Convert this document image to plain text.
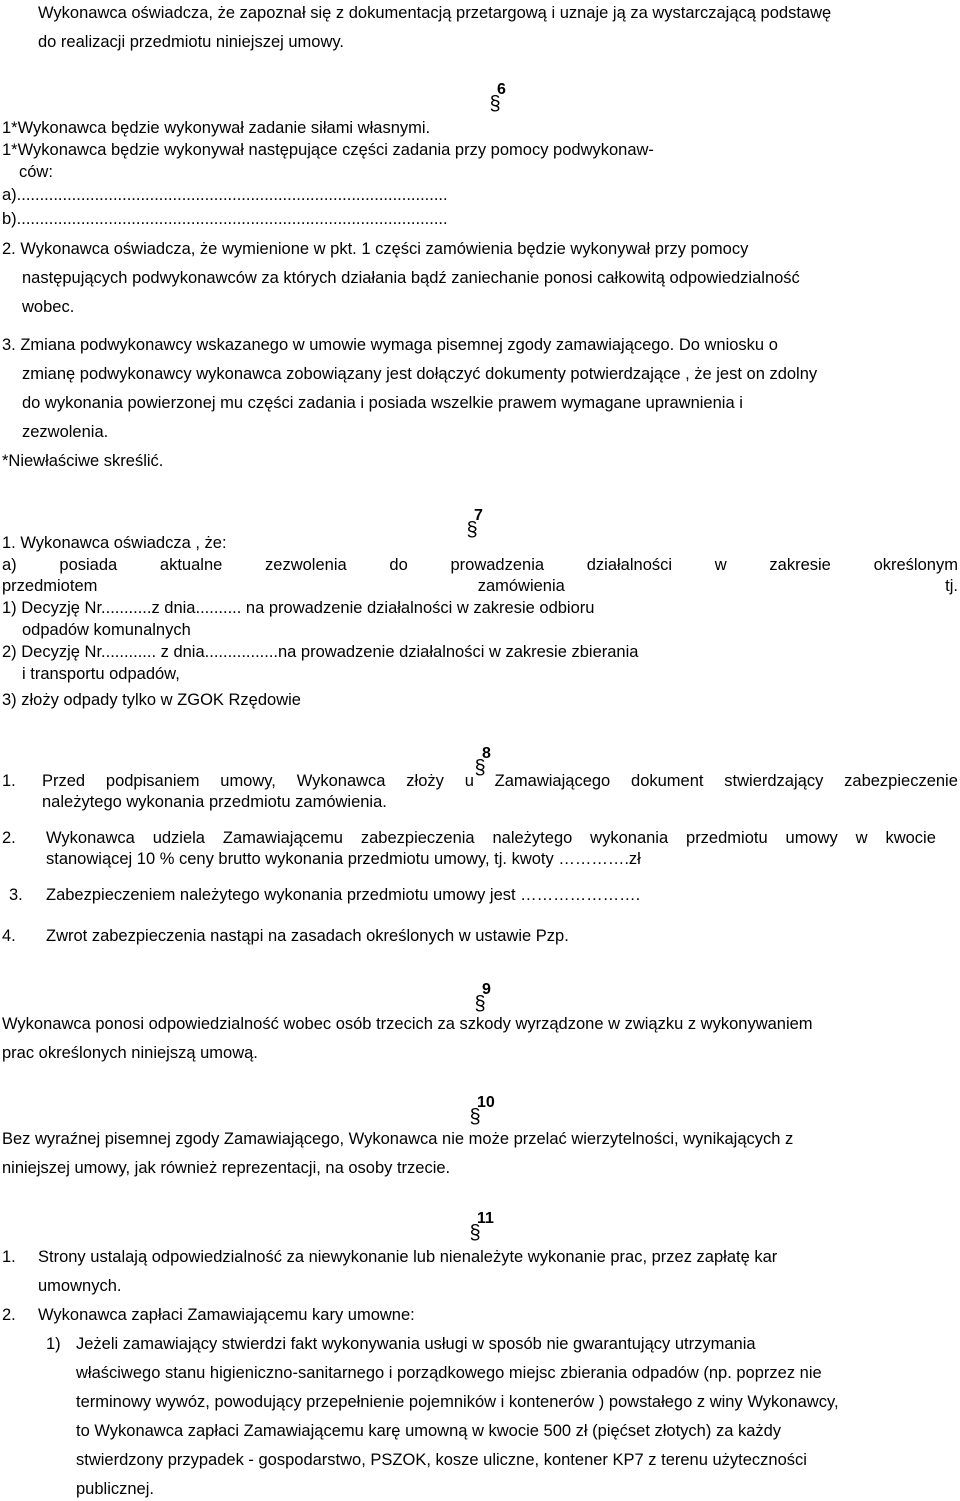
Wykonawca oświadcza, że zapoznał się z dokumentacją przetargową i uznaje ją za wystarczającą podstawę
do realizacji przedmiotu niniejszej umowy.
§
6
1*Wykonawca będzie wykonywał zadanie siłami własnymi.
1*Wykonawca będzie wykonywał następujące części zadania przy pomocy podwykonaw-
ców:
a)..............................................................................................
b)..............................................................................................
2. Wykonawca oświadcza, że wymienione w pkt. 1 części zamówienia będzie wykonywał przy pomocy
następujących podwykonawców za których działania bądź zaniechanie ponosi całkowitą odpowiedzialność
wobec.
3. Zmiana podwykonawcy wskazanego w umowie wymaga pisemnej zgody zamawiającego. Do wniosku o
zmianę podwykonawcy wykonawca zobowiązany jest dołączyć dokumenty potwierdzające , że jest on zdolny
do wykonania powierzonej mu części zadania i posiada wszelkie prawem wymagane uprawnienia i
zezwolenia.
*Niewłaściwe skreślić.
§
7
1. Wykonawca oświadcza , że:
a)	posiada	aktualne	zezwolenia	do	prowadzenia	działalności	w	zakresie	określonym
przedmiotem	zamówienia	tj.
1) Decyzję Nr...........z dnia.......... na prowadzenie działalności w zakresie odbioru
odpadów komunalnych
2) Decyzję Nr............ z dnia................na prowadzenie działalności w zakresie zbierania
i transportu odpadów,
3) złoży odpady tylko w ZGOK Rzędowie
§
8
1. Przed podpisaniem umowy, Wykonawca złoży u Zamawiającego dokument stwierdzający zabezpieczenie
należytego wykonania przedmiotu zamówienia.
2. Wykonawca udziela Zamawiającemu zabezpieczenia należytego wykonania przedmiotu umowy w kwocie
stanowiącej 10 % ceny brutto wykonania przedmiotu umowy, tj. kwoty ………….zł
3. Zabezpieczeniem należytego wykonania przedmiotu umowy jest ………………….
4. Zwrot zabezpieczenia nastąpi na zasadach określonych w ustawie Pzp.
§
9
Wykonawca ponosi odpowiedzialność wobec osób trzecich za szkody wyrządzone w związku z wykonywaniem
prac określonych niniejszą umową.
§
10
Bez wyraźnej pisemnej zgody Zamawiającego, Wykonawca nie może przelać wierzytelności, wynikających z
niniejszej umowy, jak również reprezentacji, na osoby trzecie.
§
11
1. Strony ustalają odpowiedzialność za niewykonanie lub nienależyte wykonanie prac, przez zapłatę kar
umownych.
2. Wykonawca zapłaci Zamawiającemu kary umowne:
1) Jeżeli zamawiający stwierdzi fakt wykonywania usługi w sposób nie gwarantujący utrzymania
właściwego stanu higieniczno-sanitarnego i porządkowego miejsc zbierania odpadów (np. poprzez nie
terminowy wywóz, powodujący przepełnienie pojemników i kontenerów ) powstałego z winy Wykonawcy,
to Wykonawca zapłaci Zamawiającemu karę umowną w kwocie 500 zł (pięćset złotych) za każdy
stwierdzony przypadek - gospodarstwo, PSZOK, kosze uliczne, kontener KP7 z terenu użyteczności
publicznej.
